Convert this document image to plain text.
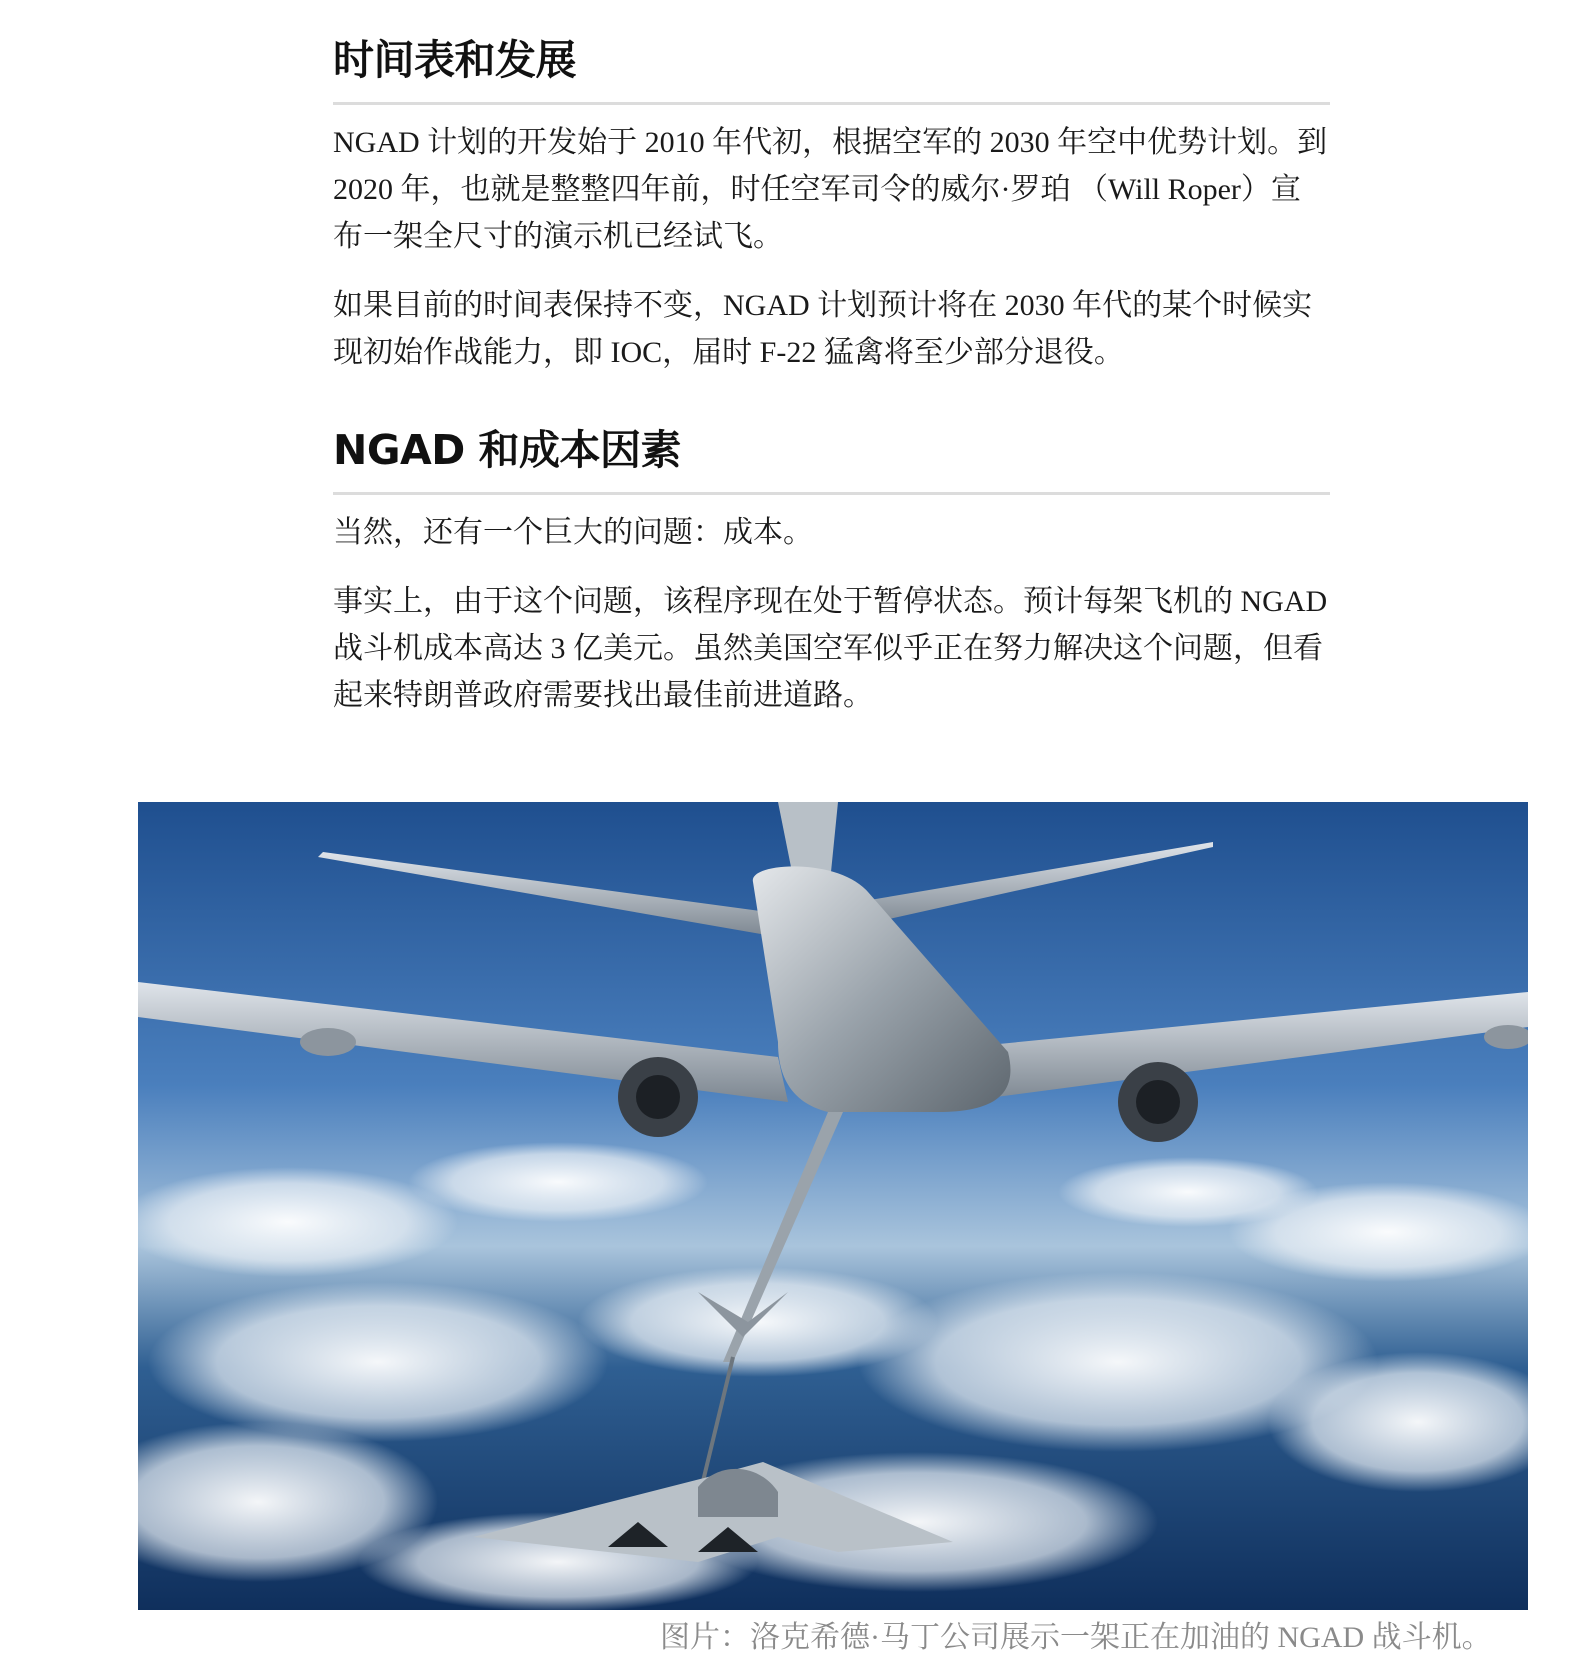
时间表和发展

NGAD 计划的开发始于 2010 年代初，根据空军的 2030 年空中优势计划。到 2020 年，也就是整整四年前，时任空军司令的威尔·罗珀 （Will Roper）宣布一架全尺寸的演示机已经试飞。

如果目前的时间表保持不变，NGAD 计划预计将在 2030 年代的某个时候实现初始作战能力，即 IOC，届时 F-22 猛禽将至少部分退役。

NGAD 和成本因素

当然，还有一个巨大的问题：成本。

事实上，由于这个问题，该程序现在处于暂停状态。预计每架飞机的 NGAD 战斗机成本高达 3 亿美元。虽然美国空军似乎正在努力解决这个问题，但看起来特朗普政府需要找出最佳前进道路。

图片：洛克希德·马丁公司展示一架正在加油的 NGAD 战斗机。
